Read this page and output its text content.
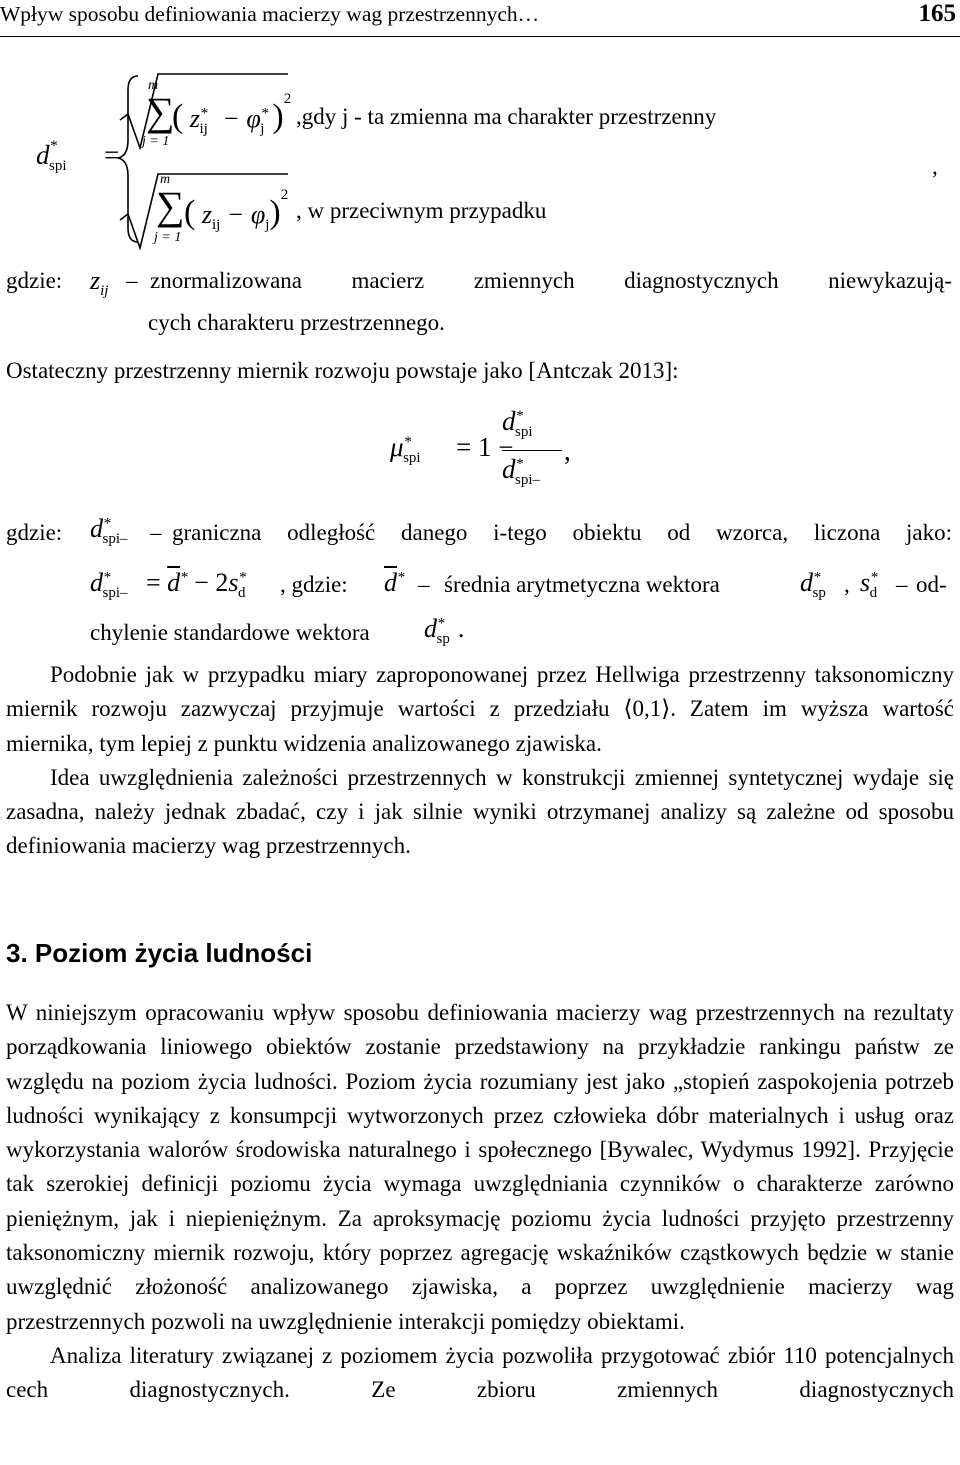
Wpływ sposobu definiowania macierzy wag przestrzennych…	165
$d^*_{spi}$ =
m
∑
j = 1
( $z^*_{ij} - \varphi^*_j$ )$^2$
,gdy j - ta zmienna ma charakter przestrzenny
m
∑
j = 1
( $z_{ij} - \varphi_j)^2$
, w przeciwnym przypadku
,
gdzie: $z_{ij}$ – znormalizowana macierz zmiennych diagnostycznych niewykazują-
cych charakteru przestrzennego.
Ostateczny przestrzenny miernik rozwoju powstaje jako [Antczak 2013]:
$\mu^*_{spi} = 1$ −
$d^*_{spi}$
$d^*_{spi-}$
,
gdzie: $d^*_{spi-}$ – graniczna odległość danego i-tego obiektu od wzorca, liczona jako:
$d^*_{spi-} = \overline{d}^* - 2s^*_d$	, gdzie: $\overline{d}^*$ – średnia arytmetyczna wektora	$d^*_{sp}$ , $s^*_d - od-$
chylenie standardowe wektora $d^*_{sp}$ .

Podobnie jak w przypadku miary zaproponowanej przez Hellwiga przestrzenny taksonomiczny miernik rozwoju zazwyczaj przyjmuje wartości z przedziału ⟨0,1⟩. Zatem im wyższa wartość miernika, tym lepiej z punktu widzenia analizowanego zjawiska.

Idea uwzględnienia zależności przestrzennych w konstrukcji zmiennej syntetycznej wydaje się zasadna, należy jednak zbadać, czy i jak silnie wyniki otrzymanej analizy są zależne od sposobu definiowania macierzy wag przestrzennych.

3. Poziom życia ludności

W niniejszym opracowaniu wpływ sposobu definiowania macierzy wag przestrzennych na rezultaty porządkowania liniowego obiektów zostanie przedstawiony na przykładzie rankingu państw ze względu na poziom życia ludności. Poziom życia rozumiany jest jako „stopień zaspokojenia potrzeb ludności wynikający z konsumpcji wytworzonych przez człowieka dóbr materialnych i usług oraz wykorzystania walorów środowiska naturalnego i społecznego [Bywalec, Wydymus 1992]. Przyjęcie tak szerokiej definicji poziomu życia wymaga uwzględniania czynników o charakterze zarówno pieniężnym, jak i niepieniężnym. Za aproksymację poziomu życia ludności przyjęto przestrzenny taksonomiczny miernik rozwoju, który poprzez agregację wskaźników cząstkowych będzie w stanie uwzględnić złożoność analizowanego zjawiska, a poprzez uwzględnienie macierzy wag przestrzennych pozwoli na uwzględnienie interakcji pomiędzy obiektami.

Analiza literatury związanej z poziomem życia pozwoliła przygotować zbiór 110 potencjalnych cech diagnostycznych. Ze zbioru zmiennych diagnostycznych
